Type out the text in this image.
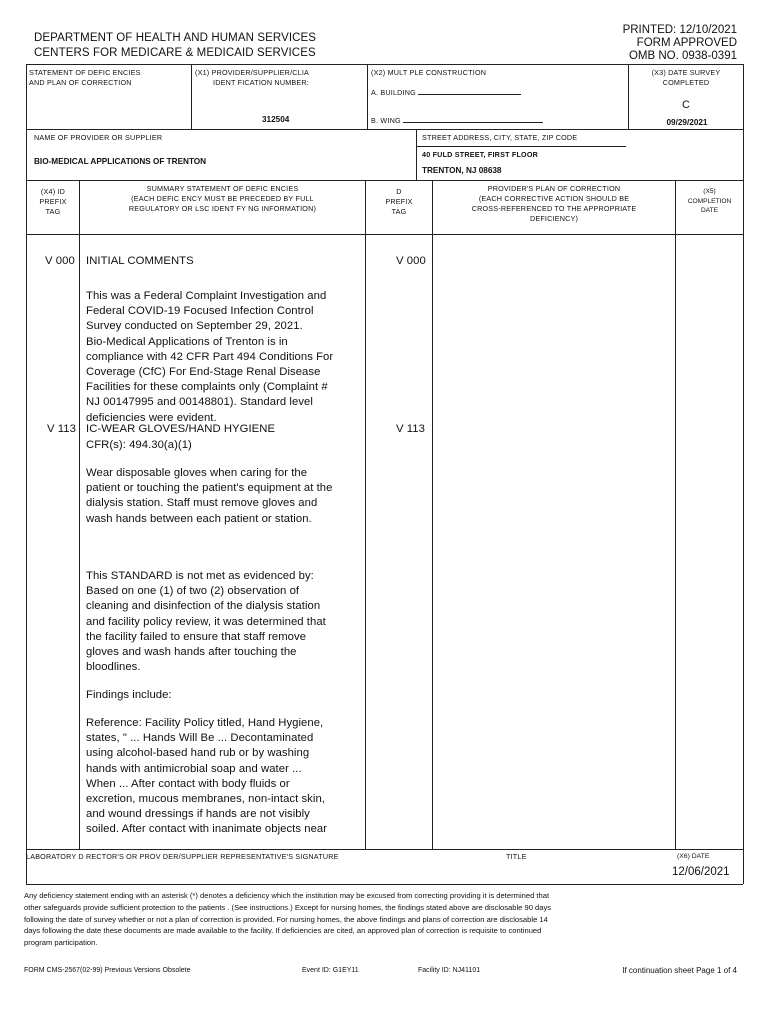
DEPARTMENT OF HEALTH AND HUMAN SERVICES
CENTERS FOR MEDICARE & MEDICAID SERVICES
PRINTED: 12/10/2021
FORM APPROVED
OMB NO. 0938-0391
STATEMENT OF DEFIC ENCIES
AND PLAN OF CORRECTION
(X1) PROVIDER/SUPPLIER/CLIA
IDENT FICATION NUMBER:
312504
(X2) MULT PLE CONSTRUCTION
A. BUILDING
B. WING
(X3) DATE SURVEY
COMPLETED
C
09/29/2021
NAME OF PROVIDER OR SUPPLIER
BIO-MEDICAL APPLICATIONS OF TRENTON
STREET ADDRESS, CITY, STATE, ZIP CODE
40 FULD STREET, FIRST FLOOR
TRENTON, NJ 08638
(X4) ID
PREFIX
TAG
SUMMARY STATEMENT OF DEFIC ENCIES
(EACH DEFIC ENCY MUST BE PRECEDED BY FULL
REGULATORY OR LSC IDENT FY NG INFORMATION)
D
PREFIX
TAG
PROVIDER'S PLAN OF CORRECTION
(EACH CORRECTIVE ACTION SHOULD BE
CROSS-REFERENCED TO THE APPROPRIATE
DEFICIENCY)
(X5)
COMPLETION
DATE
V 000 INITIAL COMMENTS	V 000
This was a Federal Complaint Investigation and
Federal COVID-19 Focused Infection Control
Survey conducted on September 29, 2021.
Bio-Medical Applications of Trenton is in
compliance with 42 CFR Part 494 Conditions For
Coverage (CfC) For End-Stage Renal Disease
Facilities for these complaints only (Complaint #
NJ 00147995 and 00148801). Standard level
deficiencies were evident.
V 113 IC-WEAR GLOVES/HAND HYGIENE	V 113
CFR(s): 494.30(a)(1)
Wear disposable gloves when caring for the
patient or touching the patient's equipment at the
dialysis station. Staff must remove gloves and
wash hands between each patient or station.
This STANDARD is not met as evidenced by:
Based on one (1) of two (2) observation of
cleaning and disinfection of the dialysis station
and facility policy review, it was determined that
the facility failed to ensure that staff remove
gloves and wash hands after touching the
bloodlines.
Findings include:
Reference: Facility Policy titled, Hand Hygiene,
states, " ... Hands Will Be ... Decontaminated
using alcohol-based hand rub or by washing
hands with antimicrobial soap and water ...
When ... After contact with body fluids or
excretion, mucous membranes, non-intact skin,
and wound dressings if hands are not visibly
soiled. After contact with inanimate objects near
LABORATORY D RECTOR'S OR PROV DER/SUPPLIER REPRESENTATIVE'S SIGNATURE	TITLE	(X6) DATE
12/06/2021
Any deficiency statement ending with an asterisk (*) denotes a deficiency which the institution may be excused from correcting providing it is determined that
other safeguards provide sufficient protection to the patients . (See instructions.) Except for nursing homes, the findings stated above are disclosable 90 days
following the date of survey whether or not a plan of correction is provided. For nursing homes, the above findings and plans of correction are disclosable 14
days following the date these documents are made available to the facility. If deficiencies are cited, an approved plan of correction is requisite to continued
program participation.
FORM CMS-2567(02-99) Previous Versions Obsolete	Event ID: G1EY11	Facility ID: NJ41101	If continuation sheet Page 1 of 4
